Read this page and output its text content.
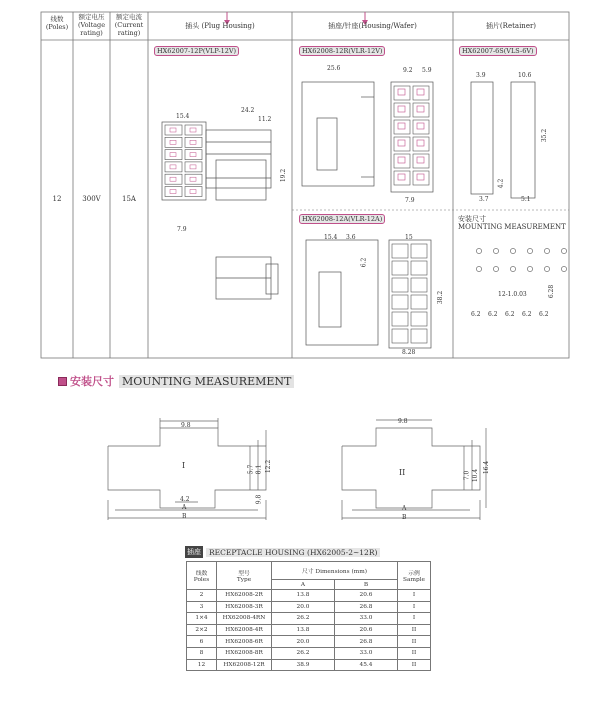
线数
(Poles)
额定电压
(Voltage
rating)
额定电流
(Current
rating)
插头 (Plug Housing)	插座/针座(Housing/Wafer)	插片(Retainer)
12	300V	15A
HX62007-12P(VLP-12V)	HX62008-12R(VLR-12V)	HX62007-6S(VLS-6V)
HX62008-12A(VLR-12A)	安装尺寸
MOUNTING MEASUREMENT
15.4
24.2
11.2
19.2
7.9
25.6	9.2 5.9
7.9
3.9	10.6
35.2
4.2
3.7	5.1
15.4 3.6	15
6.2
38.2
8.28
12-1.0.03	6.28
6.2 6.2 6.2 6.2 6.2
安装尺寸 MOUNTING MEASUREMENT
9.8
5.7 8.1 12.2
4.2	9.8
A
B
I
9.8
7.0 10.4
16.4
A
B
II
插座	RECEPTACLE HOUSING (HX62005-2~12R)
线数
Poles	型号
Type	尺寸 Dimensions (mm)		示例
Sample
		A	B	
2	HX62008-2R	13.8	20.6	I
3	HX62008-3R	20.0	26.8	I
1×4	HX62008-4RN	26.2	33.0	I
2×2	HX62008-4R	13.8	20.6	II
6	HX62008-6R	20.0	26.8	II
8	HX62008-8R	26.2	33.0	II
12	HX62008-12R	38.9	45.4	II
